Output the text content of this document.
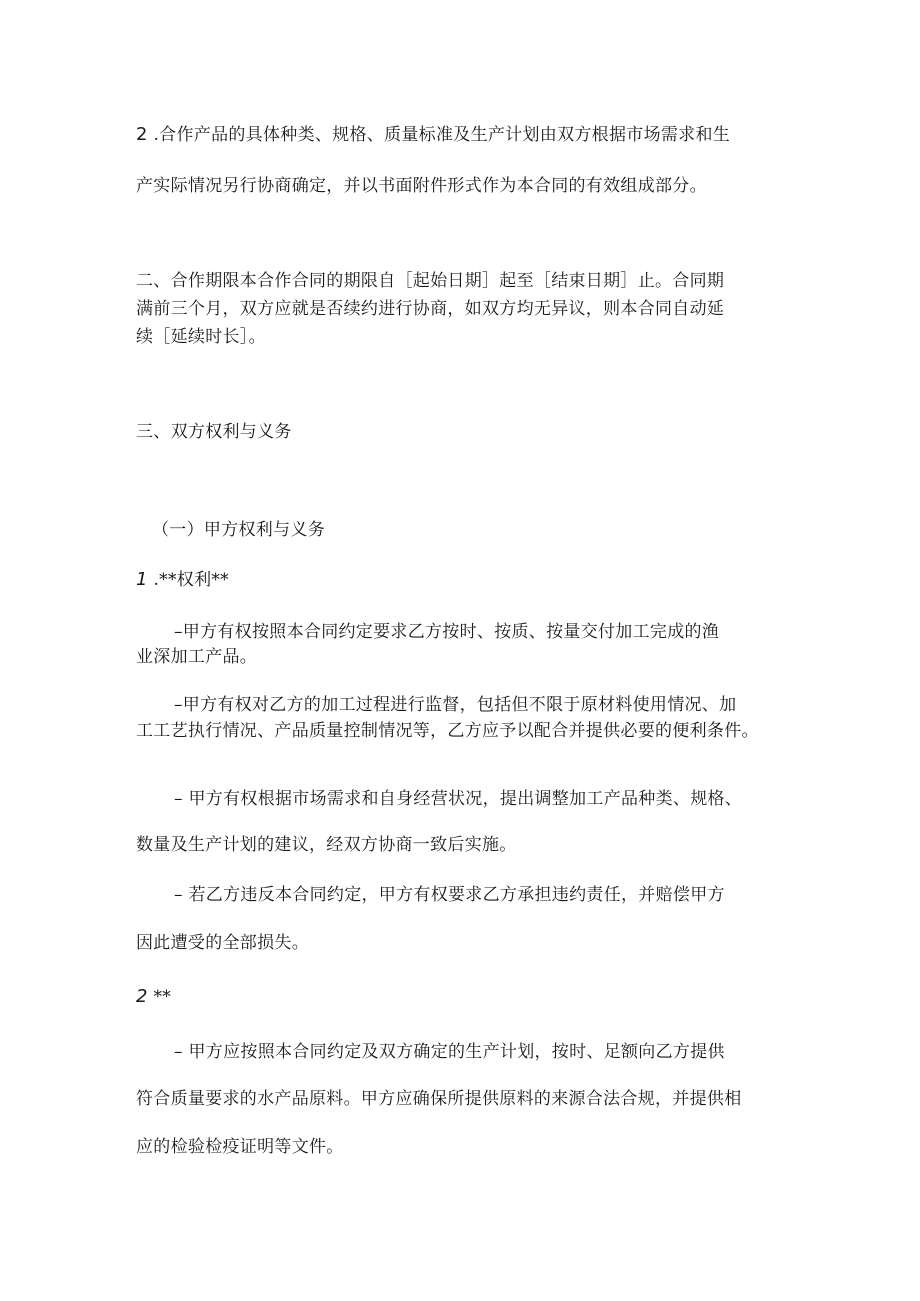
2 .合作产品的具体种类、规格、质量标准及生产计划由双方根据市场需求和生
产实际情况另行协商确定，并以书面附件形式作为本合同的有效组成部分。
二、合作期限本合作合同的期限自［起始日期］起至［结束日期］止。合同期
满前三个月，双方应就是否续约进行协商，如双方均无异议，则本合同自动延
续［延续时长］。
三、双方权利与义务
（一）甲方权利与义务
1 .**权利**
–甲方有权按照本合同约定要求乙方按时、按质、按量交付加工完成的渔
业深加工产品。
–甲方有权对乙方的加工过程进行监督，包括但不限于原材料使用情况、加
工工艺执行情况、产品质量控制情况等，乙方应予以配合并提供必要的便利条件。
– 甲方有权根据市场需求和自身经营状况，提出调整加工产品种类、规格、
数量及生产计划的建议，经双方协商一致后实施。
– 若乙方违反本合同约定，甲方有权要求乙方承担违约责任，并赔偿甲方
因此遭受的全部损失。
2 **
– 甲方应按照本合同约定及双方确定的生产计划，按时、足额向乙方提供
符合质量要求的水产品原料。甲方应确保所提供原料的来源合法合规，并提供相
应的检验检疫证明等文件。
